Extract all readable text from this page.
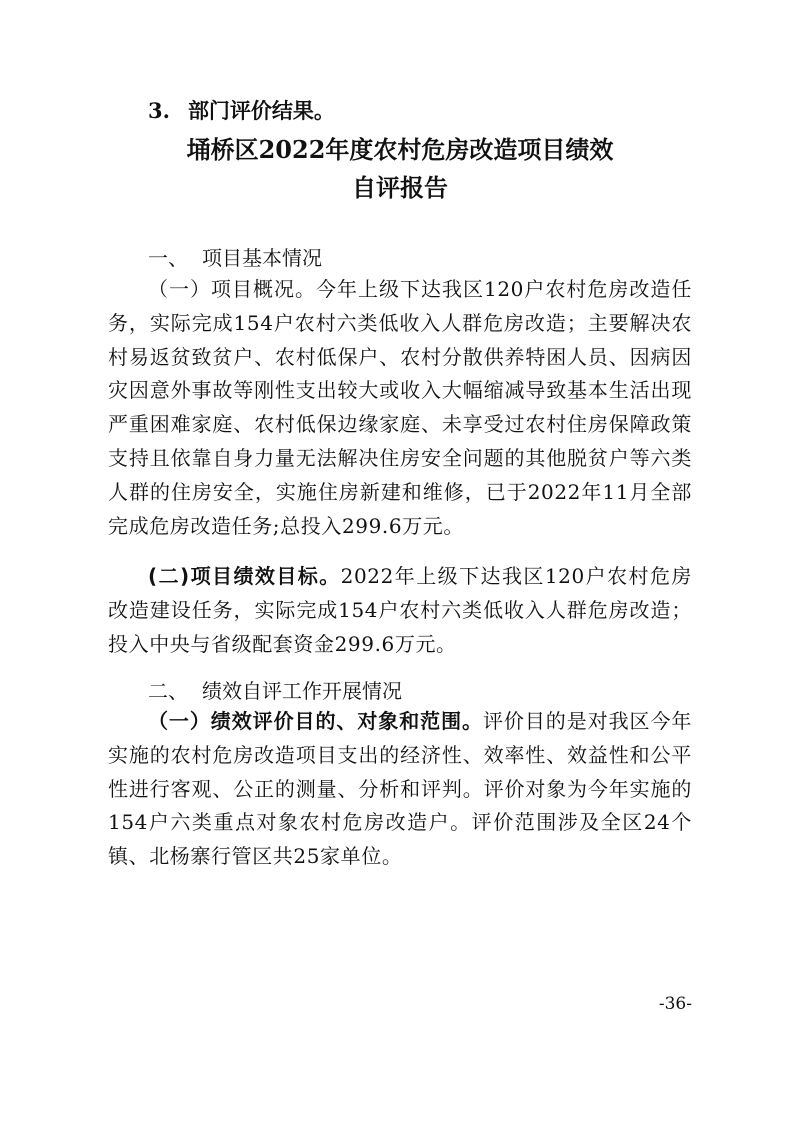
3. 部门评价结果。
埇桥区2022年度农村危房改造项目绩效
自评报告
一、 项目基本情况

（一）项目概况。今年上级下达我区120户农村危房改造任务，实际完成154户农村六类低收入人群危房改造；主要解决农村易返贫致贫户、农村低保户、农村分散供养特困人员、因病因灾因意外事故等刚性支出较大或收入大幅缩减导致基本生活出现严重困难家庭、农村低保边缘家庭、未享受过农村住房保障政策支持且依靠自身力量无法解决住房安全问题的其他脱贫户等六类人群的住房安全，实施住房新建和维修，已于2022年11月全部完成危房改造任务;总投入299.6万元。

(二)项目绩效目标。2022年上级下达我区120户农村危房改造建设任务，实际完成154户农村六类低收入人群危房改造；投入中央与省级配套资金299.6万元。

二、 绩效自评工作开展情况

（一）绩效评价目的、对象和范围。评价目的是对我区今年实施的农村危房改造项目支出的经济性、效率性、效益性和公平性进行客观、公正的测量、分析和评判。评价对象为今年实施的154户六类重点对象农村危房改造户。评价范围涉及全区24个镇、北杨寨行管区共25家单位。

-36-
